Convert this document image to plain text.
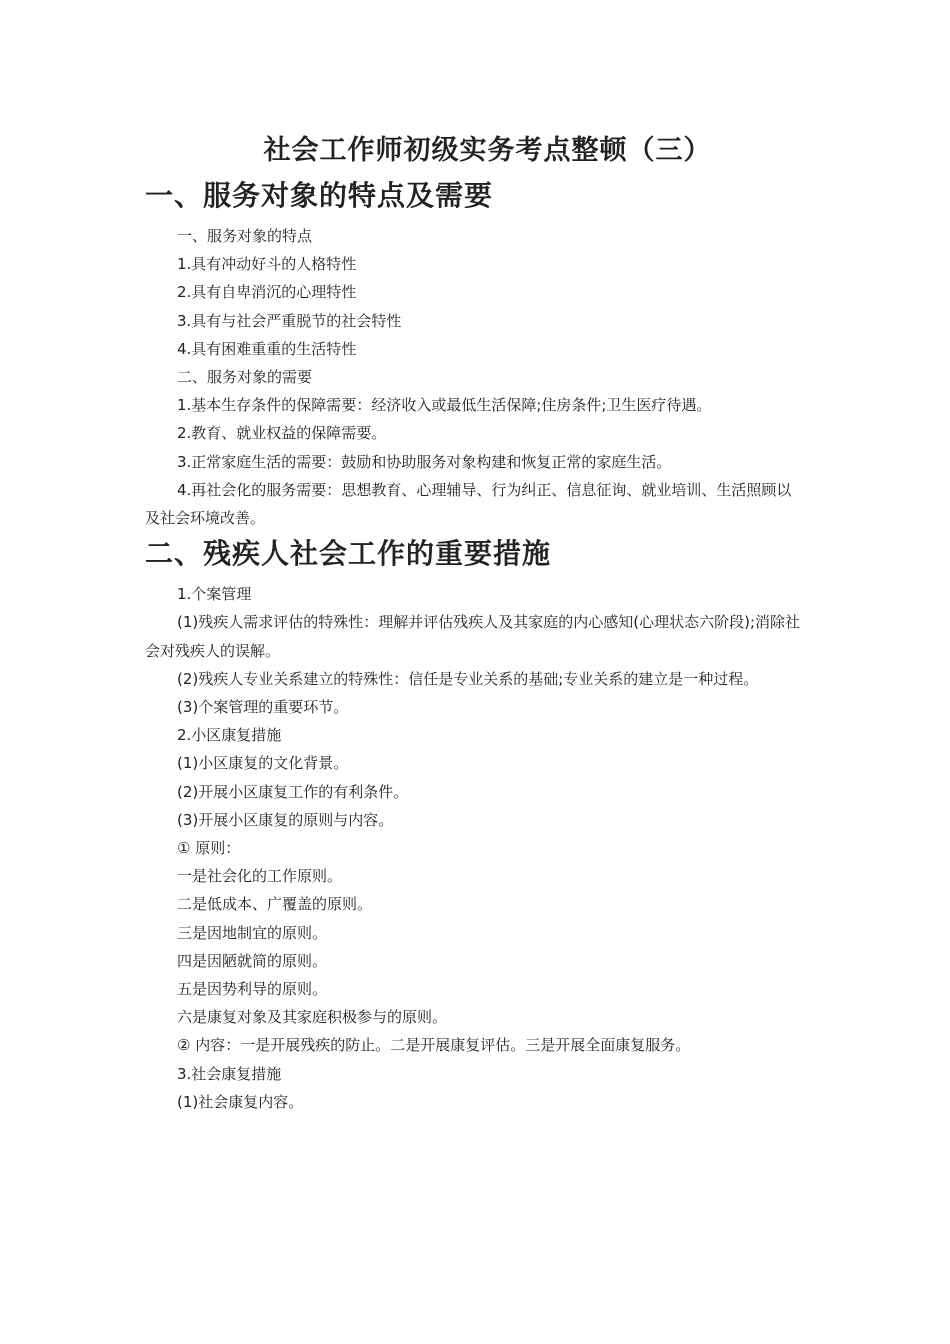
社会工作师初级实务考点整顿（三）
一、服务对象的特点及需要

一、服务对象的特点

1.具有冲动好斗的人格特性

2.具有自卑消沉的心理特性

3.具有与社会严重脱节的社会特性

4.具有困难重重的生活特性

二、服务对象的需要

1.基本生存条件的保障需要：经济收入或最低生活保障;住房条件;卫生医疗待遇。

2.教育、就业权益的保障需要。

3.正常家庭生活的需要：鼓励和协助服务对象构建和恢复正常的家庭生活。

4.再社会化的服务需要：思想教育、心理辅导、行为纠正、信息征询、就业培训、生活照顾以及社会环境改善。

二、残疾人社会工作的重要措施

1.个案管理

(1)残疾人需求评估的特殊性：理解并评估残疾人及其家庭的内心感知(心理状态六阶段);消除社会对残疾人的误解。

(2)残疾人专业关系建立的特殊性：信任是专业关系的基础;专业关系的建立是一种过程。

(3)个案管理的重要环节。

2.小区康复措施

(1)小区康复的文化背景。

(2)开展小区康复工作的有利条件。

(3)开展小区康复的原则与内容。

① 原则：

一是社会化的工作原则。

二是低成本、广覆盖的原则。

三是因地制宜的原则。

四是因陋就简的原则。

五是因势利导的原则。

六是康复对象及其家庭积极参与的原则。

② 内容：一是开展残疾的防止。二是开展康复评估。三是开展全面康复服务。

3.社会康复措施

(1)社会康复内容。
